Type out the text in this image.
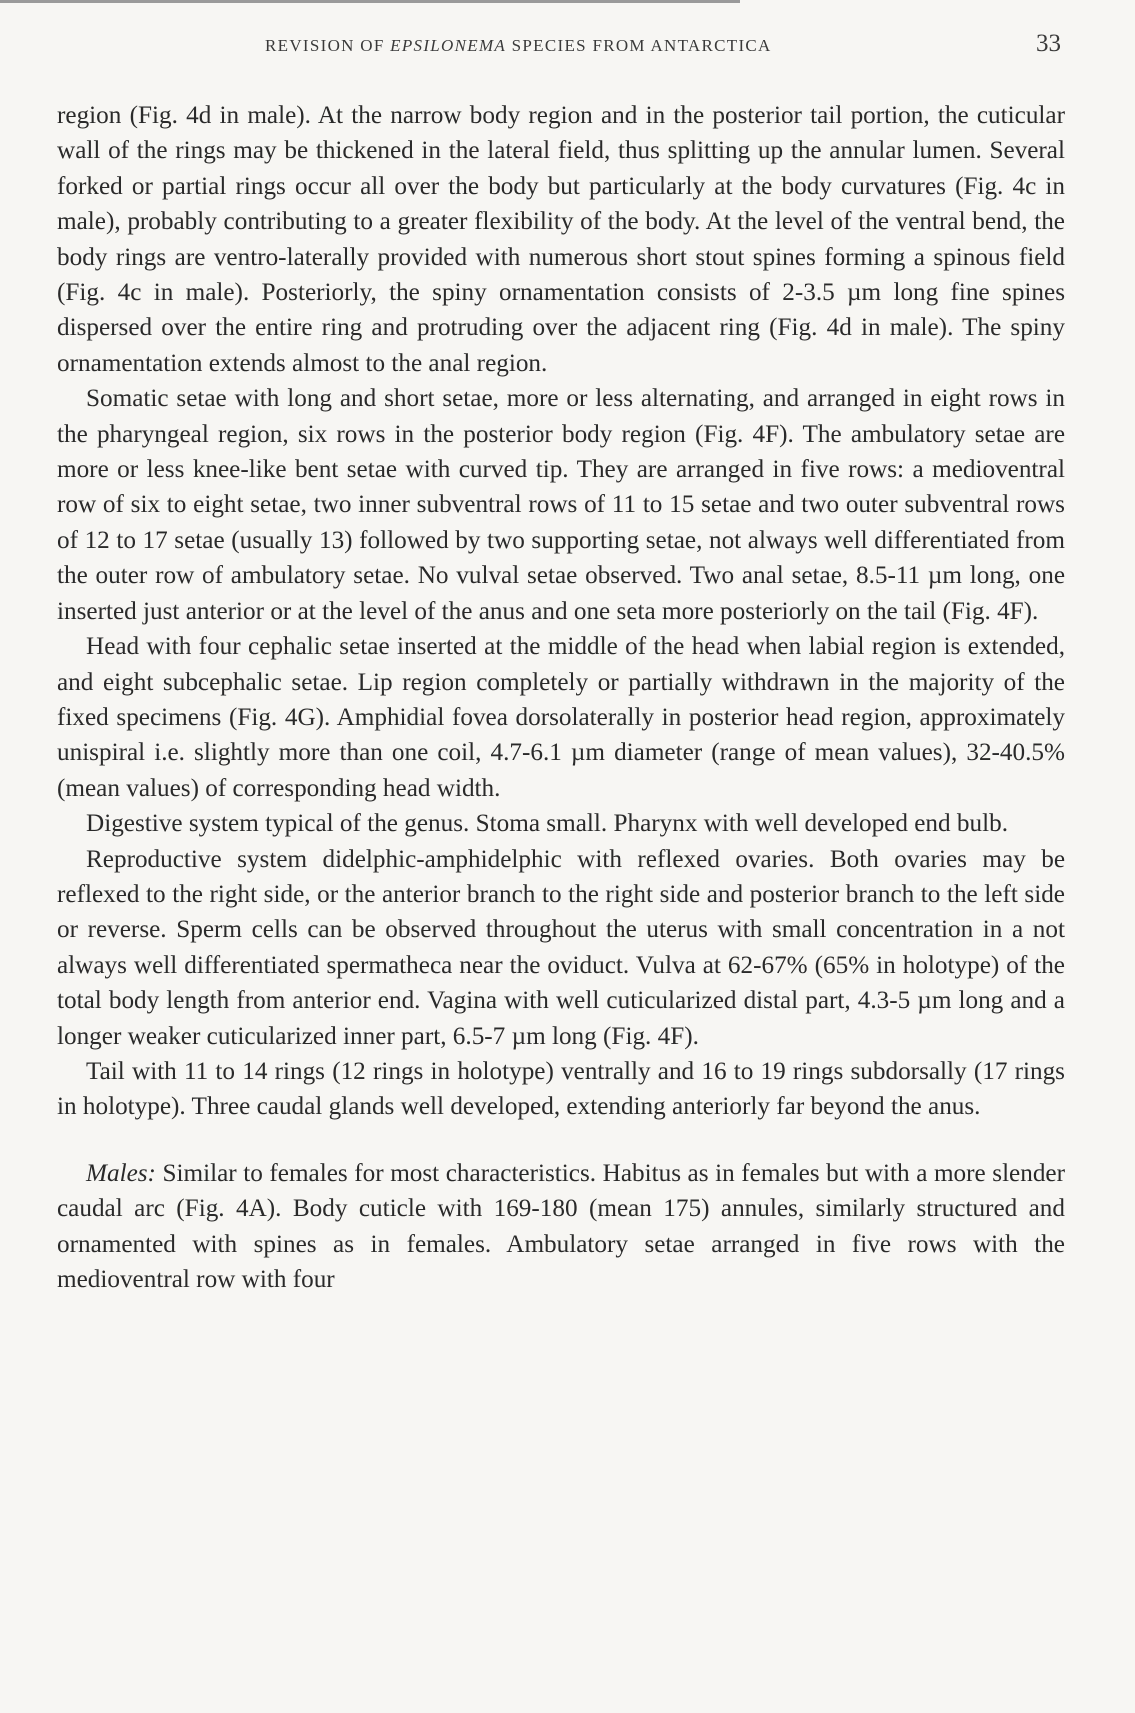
REVISION OF EPSILONEMA SPECIES FROM ANTARCTICA	33

region (Fig. 4d in male). At the narrow body region and in the posterior tail portion, the cuticular wall of the rings may be thickened in the lateral field, thus splitting up the annular lumen. Several forked or partial rings occur all over the body but particularly at the body curvatures (Fig. 4c in male), probably contributing to a greater flexibility of the body. At the level of the ventral bend, the body rings are ventro-laterally provided with numerous short stout spines forming a spinous field (Fig. 4c in male). Posteriorly, the spiny ornamentation consists of 2-3.5 µm long fine spines dispersed over the entire ring and protruding over the adjacent ring (Fig. 4d in male). The spiny ornamentation extends almost to the anal region.

Somatic setae with long and short setae, more or less alternating, and arranged in eight rows in the pharyngeal region, six rows in the posterior body region (Fig. 4F). The ambulatory setae are more or less knee-like bent setae with curved tip. They are arranged in five rows: a medioventral row of six to eight setae, two inner subventral rows of 11 to 15 setae and two outer subventral rows of 12 to 17 setae (usually 13) followed by two supporting setae, not always well differentiated from the outer row of ambulatory setae. No vulval setae observed. Two anal setae, 8.5-11 µm long, one inserted just anterior or at the level of the anus and one seta more posteriorly on the tail (Fig. 4F).

Head with four cephalic setae inserted at the middle of the head when labial region is extended, and eight subcephalic setae. Lip region completely or partially withdrawn in the majority of the fixed specimens (Fig. 4G). Amphidial fovea dorsolaterally in posterior head region, approximately unispiral i.e. slightly more than one coil, 4.7-6.1 µm diameter (range of mean values), 32-40.5% (mean values) of corresponding head width.

Digestive system typical of the genus. Stoma small. Pharynx with well developed end bulb.

Reproductive system didelphic-amphidelphic with reflexed ovaries. Both ovaries may be reflexed to the right side, or the anterior branch to the right side and posterior branch to the left side or reverse. Sperm cells can be observed throughout the uterus with small concentration in a not always well differentiated spermatheca near the oviduct. Vulva at 62-67% (65% in holotype) of the total body length from anterior end. Vagina with well cuticularized distal part, 4.3-5 µm long and a longer weaker cuticularized inner part, 6.5-7 µm long (Fig. 4F).

Tail with 11 to 14 rings (12 rings in holotype) ventrally and 16 to 19 rings subdorsally (17 rings in holotype). Three caudal glands well developed, extending anteriorly far beyond the anus.

Males: Similar to females for most characteristics. Habitus as in females but with a more slender caudal arc (Fig. 4A). Body cuticle with 169-180 (mean 175) annules, similarly structured and ornamented with spines as in females. Ambulatory setae arranged in five rows with the medioventral row with four
